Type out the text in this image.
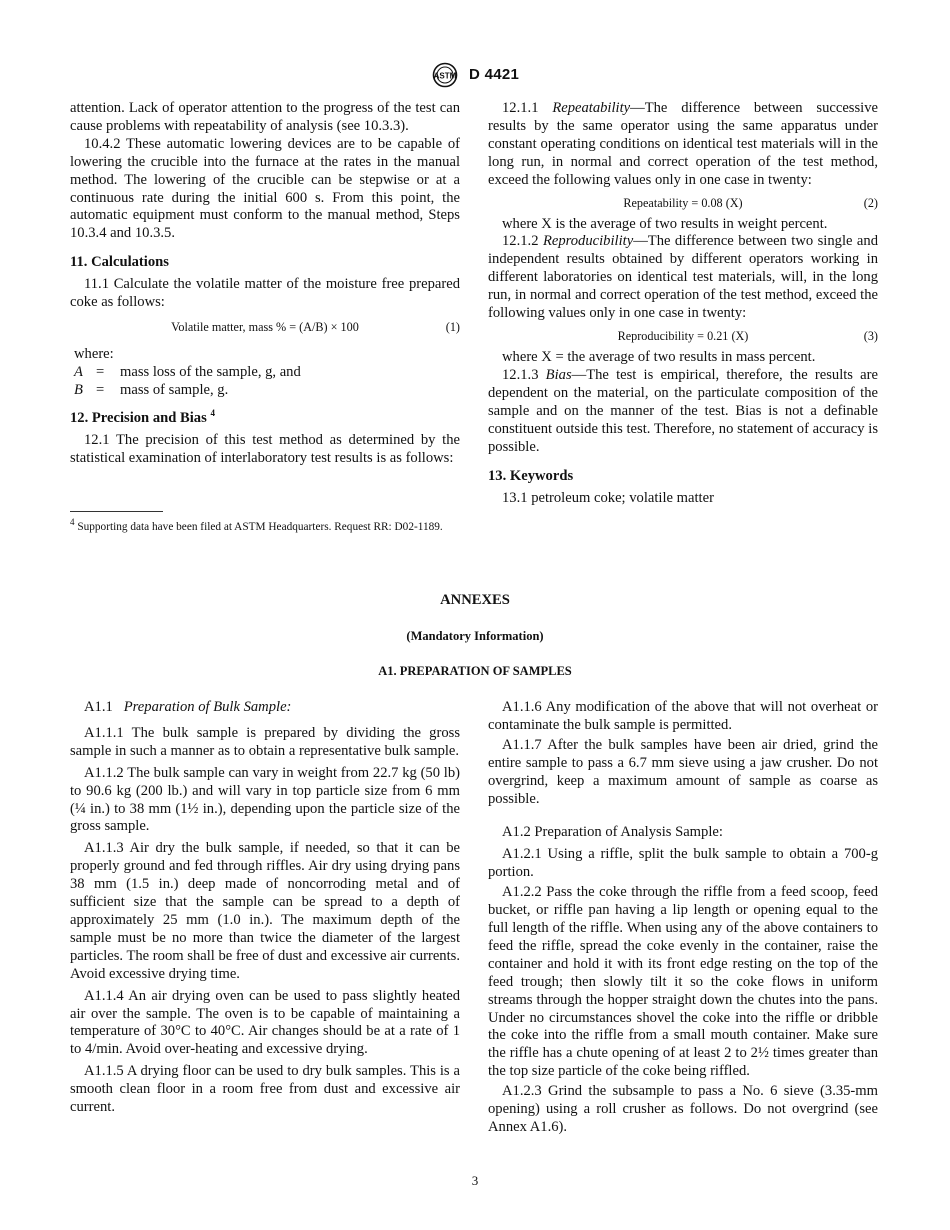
ASTM D 4421

attention. Lack of operator attention to the progress of the test can cause problems with repeatability of analysis (see 10.3.3).

10.4.2 These automatic lowering devices are to be capable of lowering the crucible into the furnace at the rates in the manual method. The lowering of the crucible can be stepwise or at a continuous rate during the initial 600 s. From this point, the automatic equipment must conform to the manual method, Steps 10.3.4 and 10.3.5.

11. Calculations

11.1 Calculate the volatile matter of the moisture free prepared coke as follows:

Volatile matter, mass % = (A/B) × 100	(1)

where:

A =	mass loss of the sample, g, and
B =	mass of sample, g.
12. Precision and Bias $^4$

12.1 The precision of this test method as determined by the statistical examination of interlaboratory test results is as follows:

$^4$ Supporting data have been filed at ASTM Headquarters. Request RR: D02-1189.

12.1.1 Repeatability—The difference between successive results by the same operator using the same apparatus under constant operating conditions on identical test materials will in the long run, in normal and correct operation of the test method, exceed the following values only in one case in twenty:

Repeatability = 0.08 (X)	(2)

where X is the average of two results in weight percent.

12.1.2 Reproducibility—The difference between two single and independent results obtained by different operators working in different laboratories on identical test materials, will, in the long run, in normal and correct operation of the test method, exceed the following values only in one case in twenty:

Reproducibility = 0.21 (X)	(3)

where X = the average of two results in mass percent.

12.1.3 Bias—The test is empirical, therefore, the results are dependent on the material, on the particulate composition of the sample and on the manner of the test. Bias is not a definable constituent outside this test. Therefore, no statement of accuracy is possible.

13. Keywords

13.1 petroleum coke; volatile matter

ANNEXES
(Mandatory Information)
A1. PREPARATION OF SAMPLES

A1.1 Preparation of Bulk Sample:

A1.1.1 The bulk sample is prepared by dividing the gross sample in such a manner as to obtain a representative bulk sample.

A1.1.2 The bulk sample can vary in weight from 22.7 kg (50 lb) to 90.6 kg (200 lb.) and will vary in top particle size from 6 mm (¼ in.) to 38 mm (1½ in.), depending upon the particle size of the gross sample.

A1.1.3 Air dry the bulk sample, if needed, so that it can be properly ground and fed through riffles. Air dry using drying pans 38 mm (1.5 in.) deep made of noncorroding metal and of sufficient size that the sample can be spread to a depth of approximately 25 mm (1.0 in.). The maximum depth of the sample must be no more than twice the diameter of the largest particles. The room shall be free of dust and excessive air currents. Avoid excessive drying time.

A1.1.4 An air drying oven can be used to pass slightly heated air over the sample. The oven is to be capable of maintaining a temperature of 30°C to 40°C. Air changes should be at a rate of 1 to 4/min. Avoid over-heating and excessive drying.

A1.1.5 A drying floor can be used to dry bulk samples. This is a smooth clean floor in a room free from dust and excessive air current.

A1.1.6 Any modification of the above that will not overheat or contaminate the bulk sample is permitted.

A1.1.7 After the bulk samples have been air dried, grind the entire sample to pass a 6.7 mm sieve using a jaw crusher. Do not overgrind, keep a maximum amount of sample as coarse as possible.

A1.2 Preparation of Analysis Sample:

A1.2.1 Using a riffle, split the bulk sample to obtain a 700-g portion.

A1.2.2 Pass the coke through the riffle from a feed scoop, feed bucket, or riffle pan having a lip length or opening equal to the full length of the riffle. When using any of the above containers to feed the riffle, spread the coke evenly in the container, raise the container and hold it with its front edge resting on the top of the feed trough; then slowly tilt it so the coke flows in uniform streams through the hopper straight down the chutes into the pans. Under no circumstances shovel the coke into the riffle or dribble the coke into the riffle from a small mouth container. Make sure the riffle has a chute opening of at least 2 to 2½ times greater than the top size particle of the coke being riffled.

A1.2.3 Grind the subsample to pass a No. 6 sieve (3.35-mm opening) using a roll crusher as follows. Do not overgrind (see Annex A1.6).

3
